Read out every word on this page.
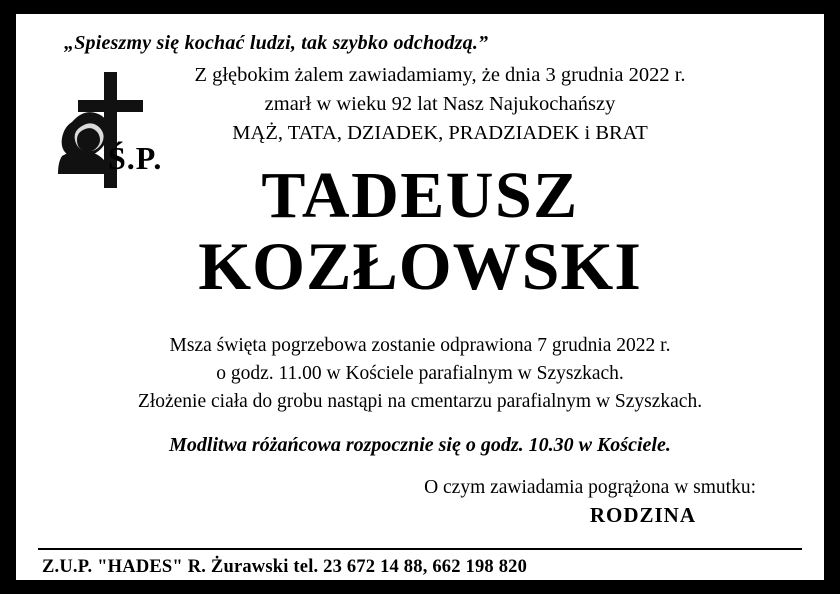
„Spieszmy się kochać ludzi, tak szybko odchodzą.”
Ś.P.
Z głębokim żalem zawiadamiamy, że dnia 3 grudnia 2022 r.
zmarł w wieku 92 lat Nasz Najukochańszy
MĄŻ, TATA, DZIADEK, PRADZIADEK i BRAT
TADEUSZ
KOZŁOWSKI
Msza święta pogrzebowa zostanie odprawiona 7 grudnia 2022 r.
o godz. 11.00 w Kościele parafialnym w Szyszkach.
Złożenie ciała do grobu nastąpi na cmentarzu parafialnym w Szyszkach.
Modlitwa różańcowa rozpocznie się o godz. 10.30 w Kościele.
O czym zawiadamia pogrążona w smutku:
RODZINA
Z.U.P. "HADES" R. Żurawski tel. 23 672 14 88, 662 198 820
